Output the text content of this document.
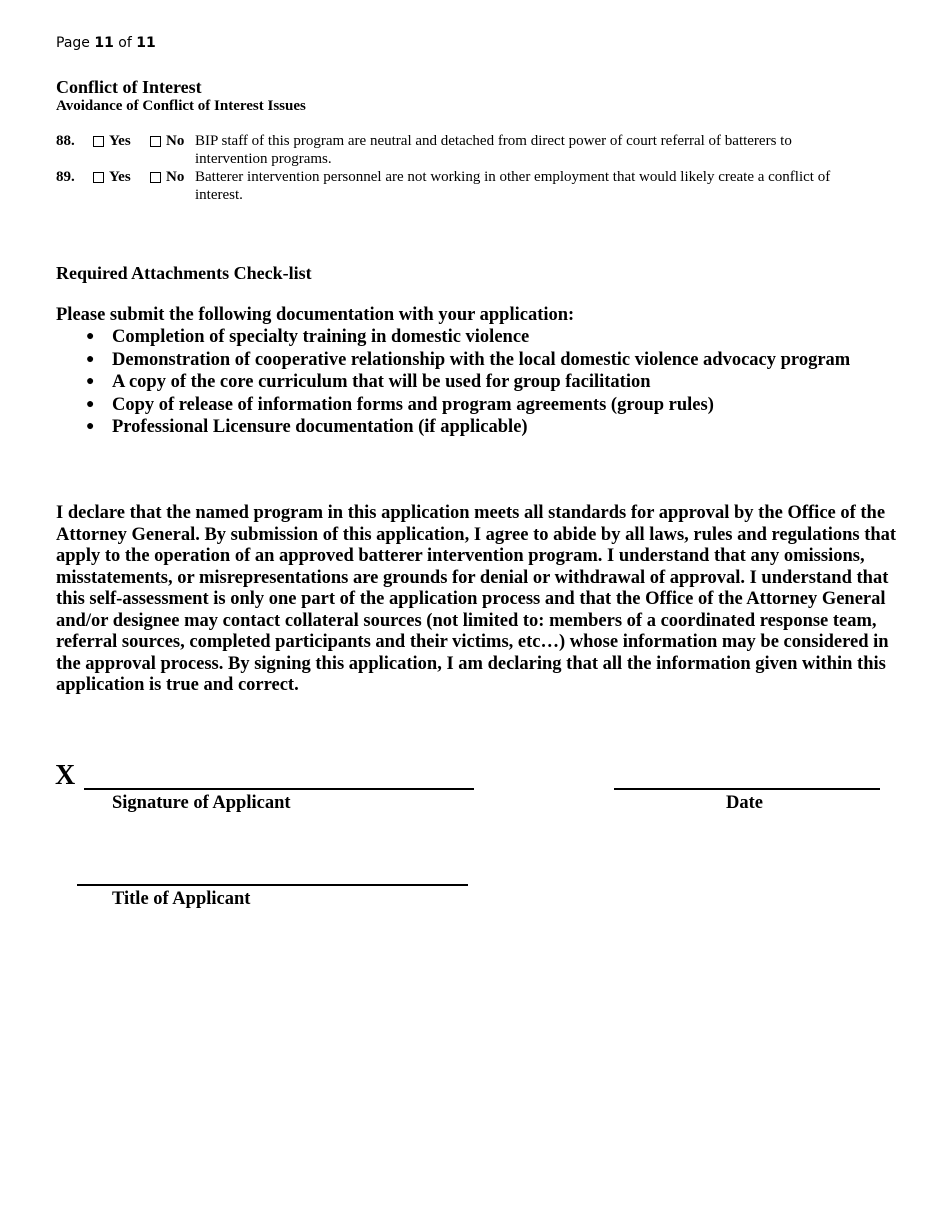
Page 11 of 11
Conflict of Interest
Avoidance of Conflict of Interest Issues
88. Yes No BIP staff of this program are neutral and detached from direct power of court referral of batterers to intervention programs.
89. Yes No Batterer intervention personnel are not working in other employment that would likely create a conflict of interest.
Required Attachments Check-list
Please submit the following documentation with your application:
● Completion of specialty training in domestic violence
● Demonstration of cooperative relationship with the local domestic violence advocacy program
● A copy of the core curriculum that will be used for group facilitation
● Copy of release of information forms and program agreements (group rules)
● Professional Licensure documentation (if applicable)
I declare that the named program in this application meets all standards for approval by the Office of the Attorney General. By submission of this application, I agree to abide by all laws, rules and regulations that apply to the operation of an approved batterer intervention program. I understand that any omissions, misstatements, or misrepresentations are grounds for denial or withdrawal of approval. I understand that this self-assessment is only one part of the application process and that the Office of the Attorney General and/or designee may contact collateral sources (not limited to: members of a coordinated response team, referral sources, completed participants and their victims, etc…) whose information may be considered in the approval process. By signing this application, I am declaring that all the information given within this application is true and correct.
X
Signature of Applicant	Date
Title of Applicant
